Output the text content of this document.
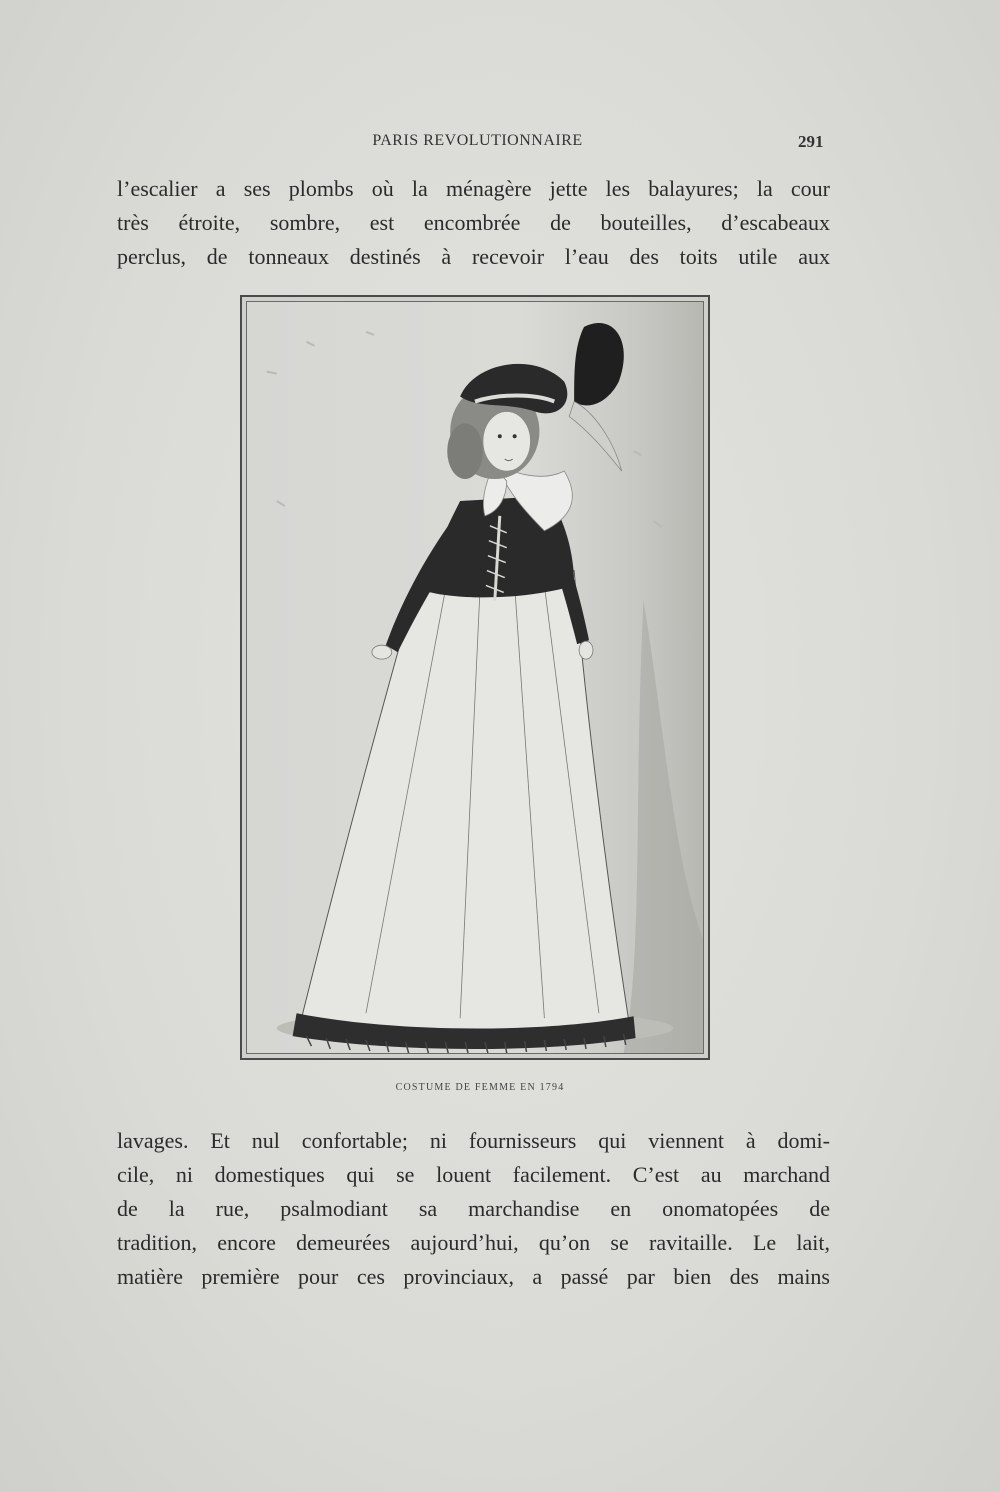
PARIS REVOLUTIONNAIRE	291
l’escalier a ses plombs où la ménagère jette les balayures; la cour
très étroite, sombre, est encombrée de bouteilles, d’escabeaux
perclus, de tonneaux destinés à recevoir l’eau des toits utile aux
COSTUME DE FEMME EN 1794
lavages. Et nul confortable; ni fournisseurs qui viennent à domi-
cile, ni domestiques qui se louent facilement. C’est au marchand
de la rue, psalmodiant sa marchandise en onomatopées de
tradition, encore demeurées aujourd’hui, qu’on se ravitaille. Le lait,
matière première pour ces provinciaux, a passé par bien des mains
